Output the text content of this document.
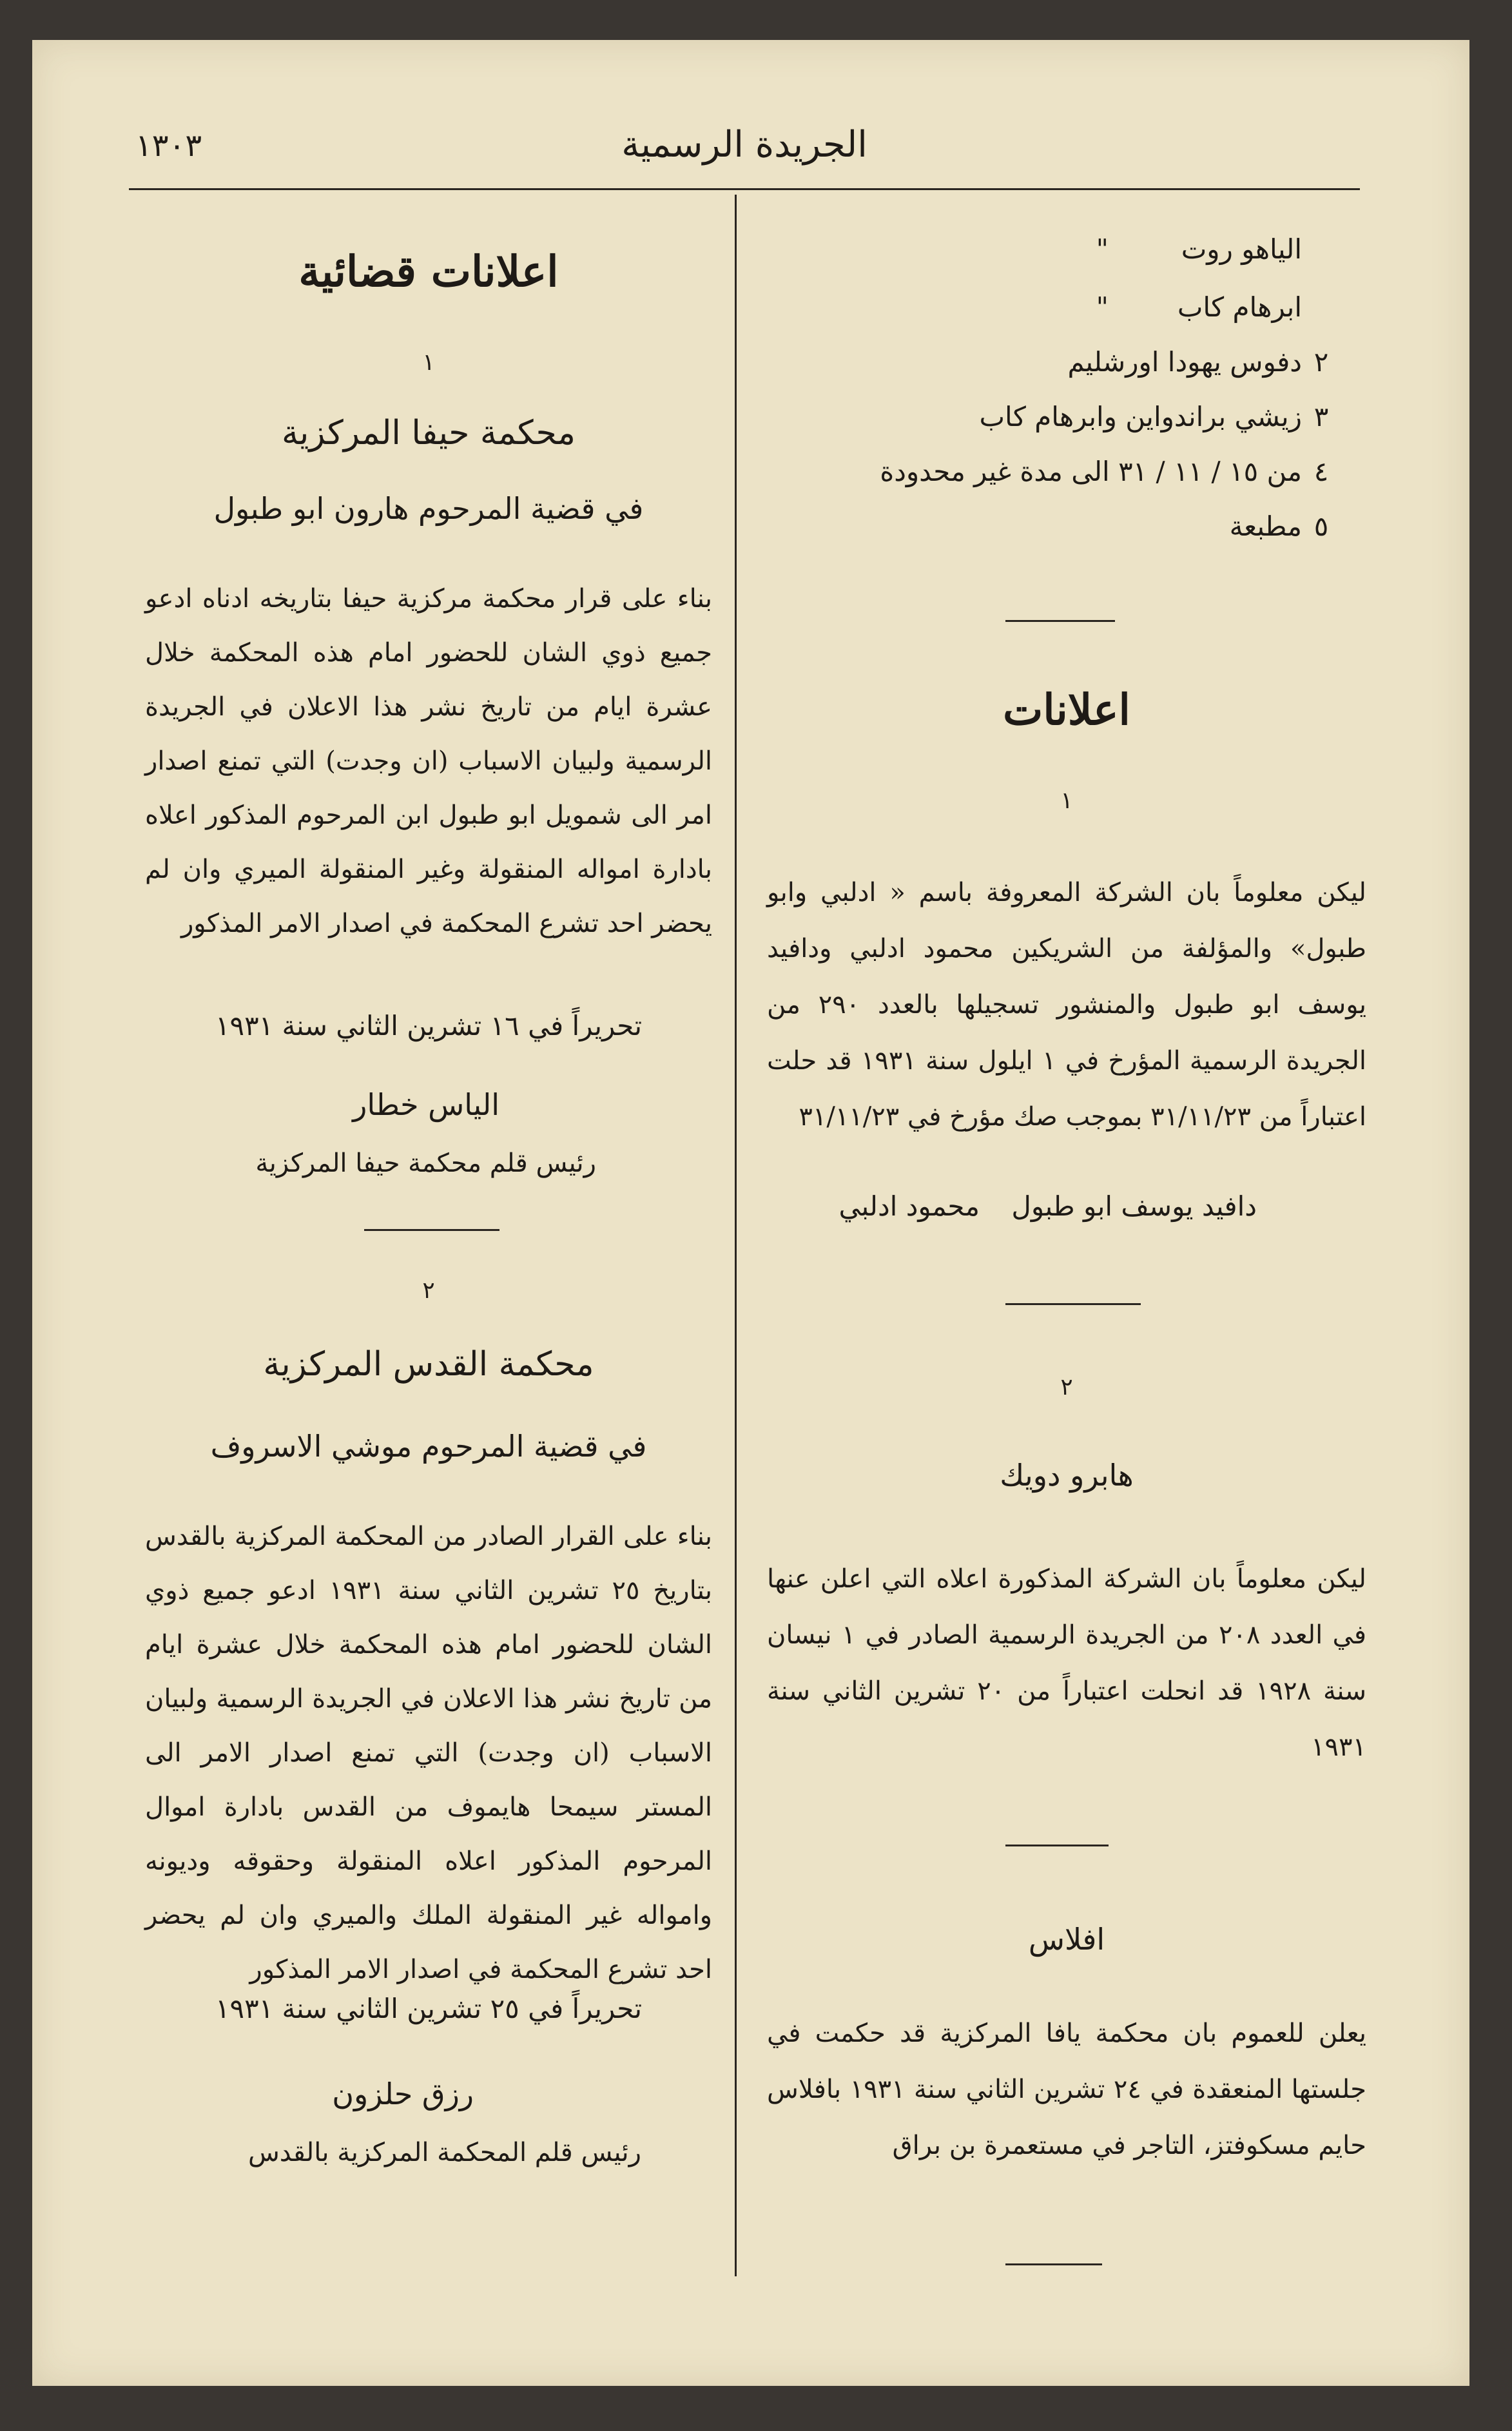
الجريدة الرسمية
١٣٠٣
الياهو روت
"
ابرهام كاب
"
٢دفوس يهودا اورشليم
٣زيشي براندواين وابرهام كاب
٤من ١٥ / ١١ / ٣١ الى مدة غير محدودة
٥مطبعة
اعلانات
١
ليكن معلوماً بان الشركة المعروفة باسم « ادلبي وابو طبول» والمؤلفة من الشريكين محمود ادلبي ودافيد يوسف ابو طبول والمنشور تسجيلها بالعدد ٢٩٠ من الجريدة الرسمية المؤرخ في ١ ايلول سنة ١٩٣١ قد حلت اعتباراً من ٣١/١١/٢٣ بموجب صك مؤرخ في ٣١/١١/٢٣
دافيد يوسف ابو طبول
محمود ادلبي
٢
هابرو دويك
ليكن معلوماً بان الشركة المذكورة اعلاه التي اعلن عنها في العدد ٢٠٨ من الجريدة الرسمية الصادر في ١ نيسان سنة ١٩٢٨ قد انحلت اعتباراً من ٢٠ تشرين الثاني سنة ١٩٣١
افلاس
يعلن للعموم بان محكمة يافا المركزية قد حكمت في جلستها المنعقدة في ٢٤ تشرين الثاني سنة ١٩٣١ بافلاس حايم مسكوفتز، التاجر في مستعمرة بن براق
اعلانات قضائية
١
محكمة حيفا المركزية
في قضية المرحوم هارون ابو طبول
بناء على قرار محكمة مركزية حيفا بتاريخه ادناه ادعو جميع ذوي الشان للحضور امام هذه المحكمة خلال عشرة ايام من تاريخ نشر هذا الاعلان في الجريدة الرسمية ولبيان الاسباب (ان وجدت) التي تمنع اصدار امر الى شمويل ابو طبول ابن المرحوم المذكور اعلاه بادارة امواله المنقولة وغير المنقولة الميري وان لم يحضر احد تشرع المحكمة في اصدار الامر المذكور
تحريراً في ١٦ تشرين الثاني سنة ١٩٣١
الياس خطار
رئيس قلم محكمة حيفا المركزية
٢
محكمة القدس المركزية
في قضية المرحوم موشي الاسروف
بناء على القرار الصادر من المحكمة المركزية بالقدس بتاريخ ٢٥ تشرين الثاني سنة ١٩٣١ ادعو جميع ذوي الشان للحضور امام هذه المحكمة خلال عشرة ايام من تاريخ نشر هذا الاعلان في الجريدة الرسمية ولبيان الاسباب (ان وجدت) التي تمنع اصدار الامر الى المستر سيمحا هايموف من القدس بادارة اموال المرحوم المذكور اعلاه المنقولة وحقوقه وديونه وامواله غير المنقولة الملك والميري وان لم يحضر احد تشرع المحكمة في اصدار الامر المذكور
تحريراً في ٢٥ تشرين الثاني سنة ١٩٣١
رزق حلزون
رئيس قلم المحكمة المركزية بالقدس
